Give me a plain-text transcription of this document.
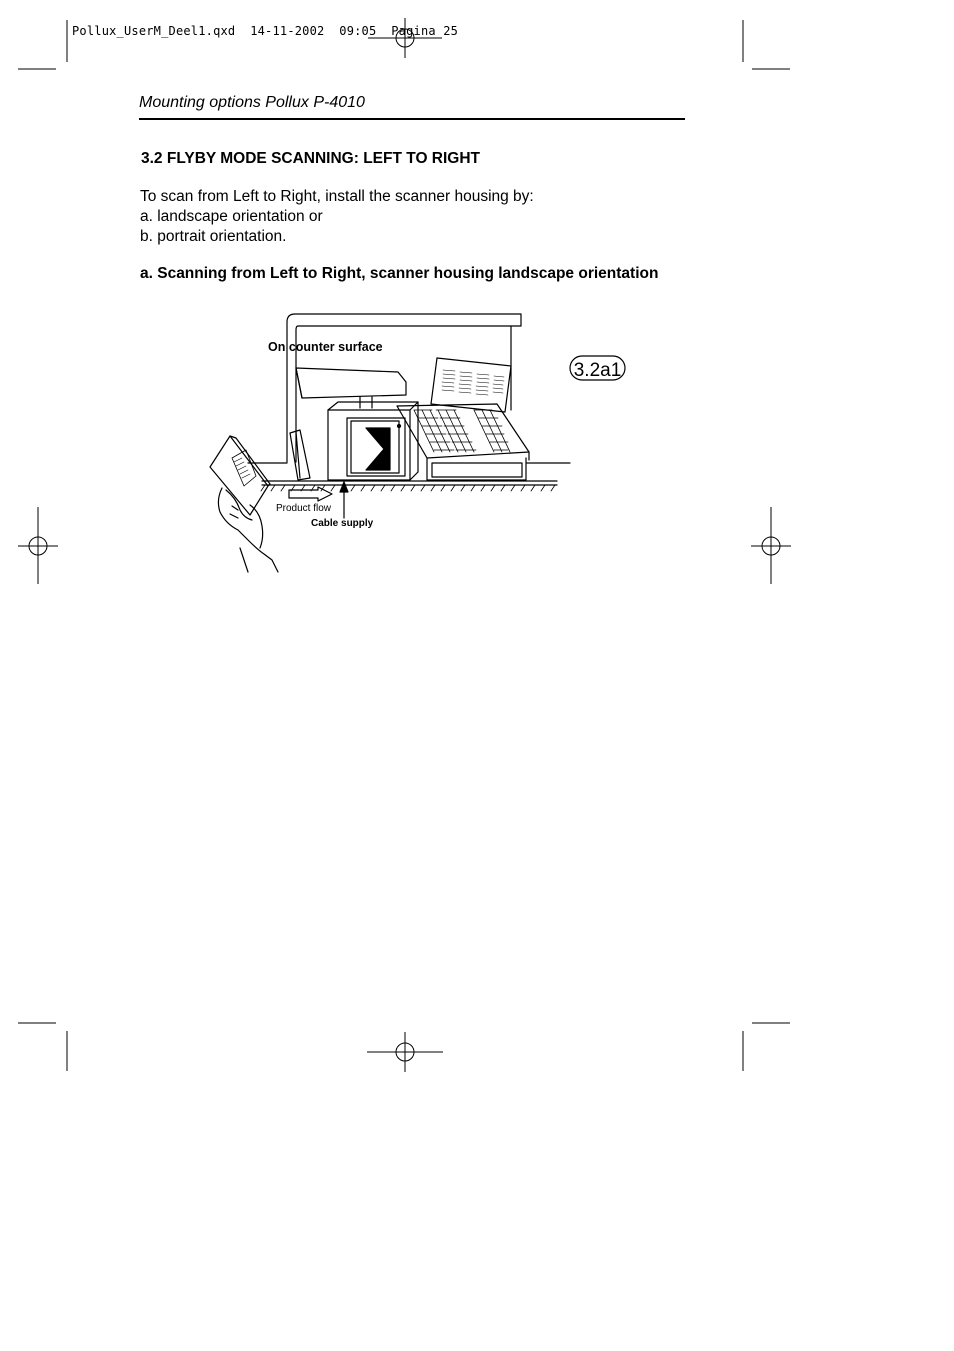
Pollux_UserM_Deel1.qxd  14-11-2002  09:05  Pagina 25
Mounting options Pollux P-4010
3.2 FLYBY MODE SCANNING: LEFT TO RIGHT
To scan from Left to Right, install the scanner housing by:
a. landscape orientation or
b. portrait orientation.
a. Scanning from Left to Right, scanner housing landscape orientation
On counter surface
Product flow
Cable supply
3.2a1
